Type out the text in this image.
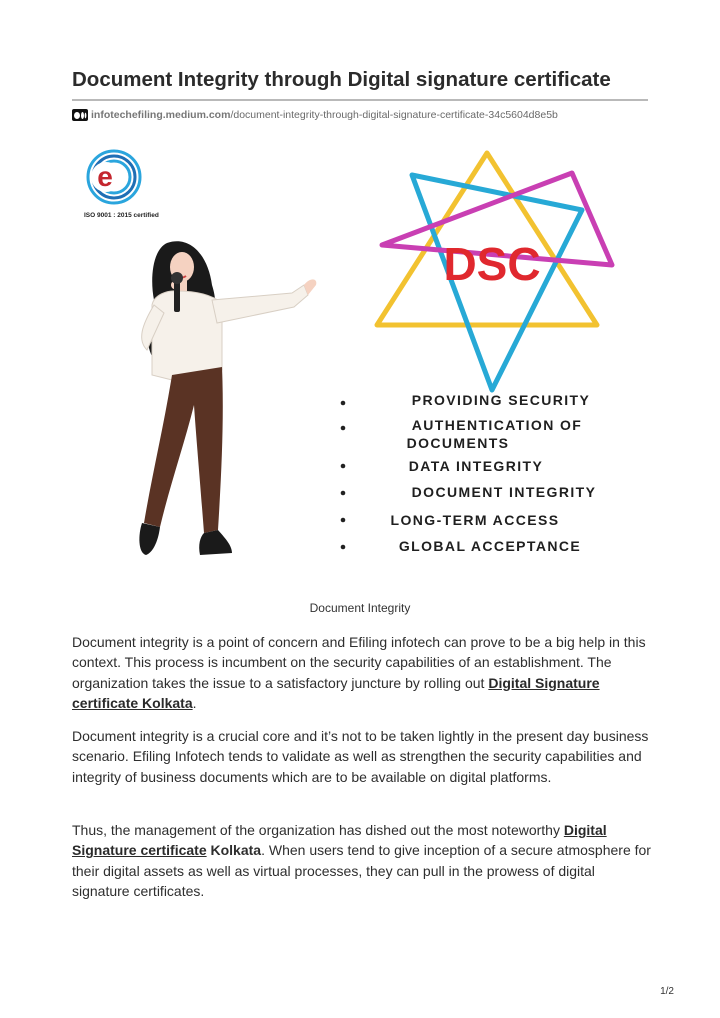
Document Integrity through Digital signature certificate
infotechefiling.medium.com/document-integrity-through-digital-signature-certificate-34c5604d8e5b
e
ISO 9001 : 2015 certified
DSC
PROVIDING SECURITY
AUTHENTICATION OF
DOCUMENTS
DATA INTEGRITY
DOCUMENT INTEGRITY
LONG-TERM ACCESS
GLOBAL ACCEPTANCE
Document Integrity

Document integrity is a point of concern and Efiling infotech can prove to be a big help in this context. This process is incumbent on the security capabilities of an establishment. The organization takes the issue to a satisfactory juncture by rolling out Digital Signature certificate Kolkata.

Document integrity is a crucial core and it’s not to be taken lightly in the present day business scenario. Efiling Infotech tends to validate as well as strengthen the security capabilities and integrity of business documents which are to be available on digital platforms.

Thus, the management of the organization has dished out the most noteworthy Digital Signature certificate Kolkata. When users tend to give inception of a secure atmosphere for their digital assets as well as virtual processes, they can pull in the prowess of digital signature certificates.

1/2
